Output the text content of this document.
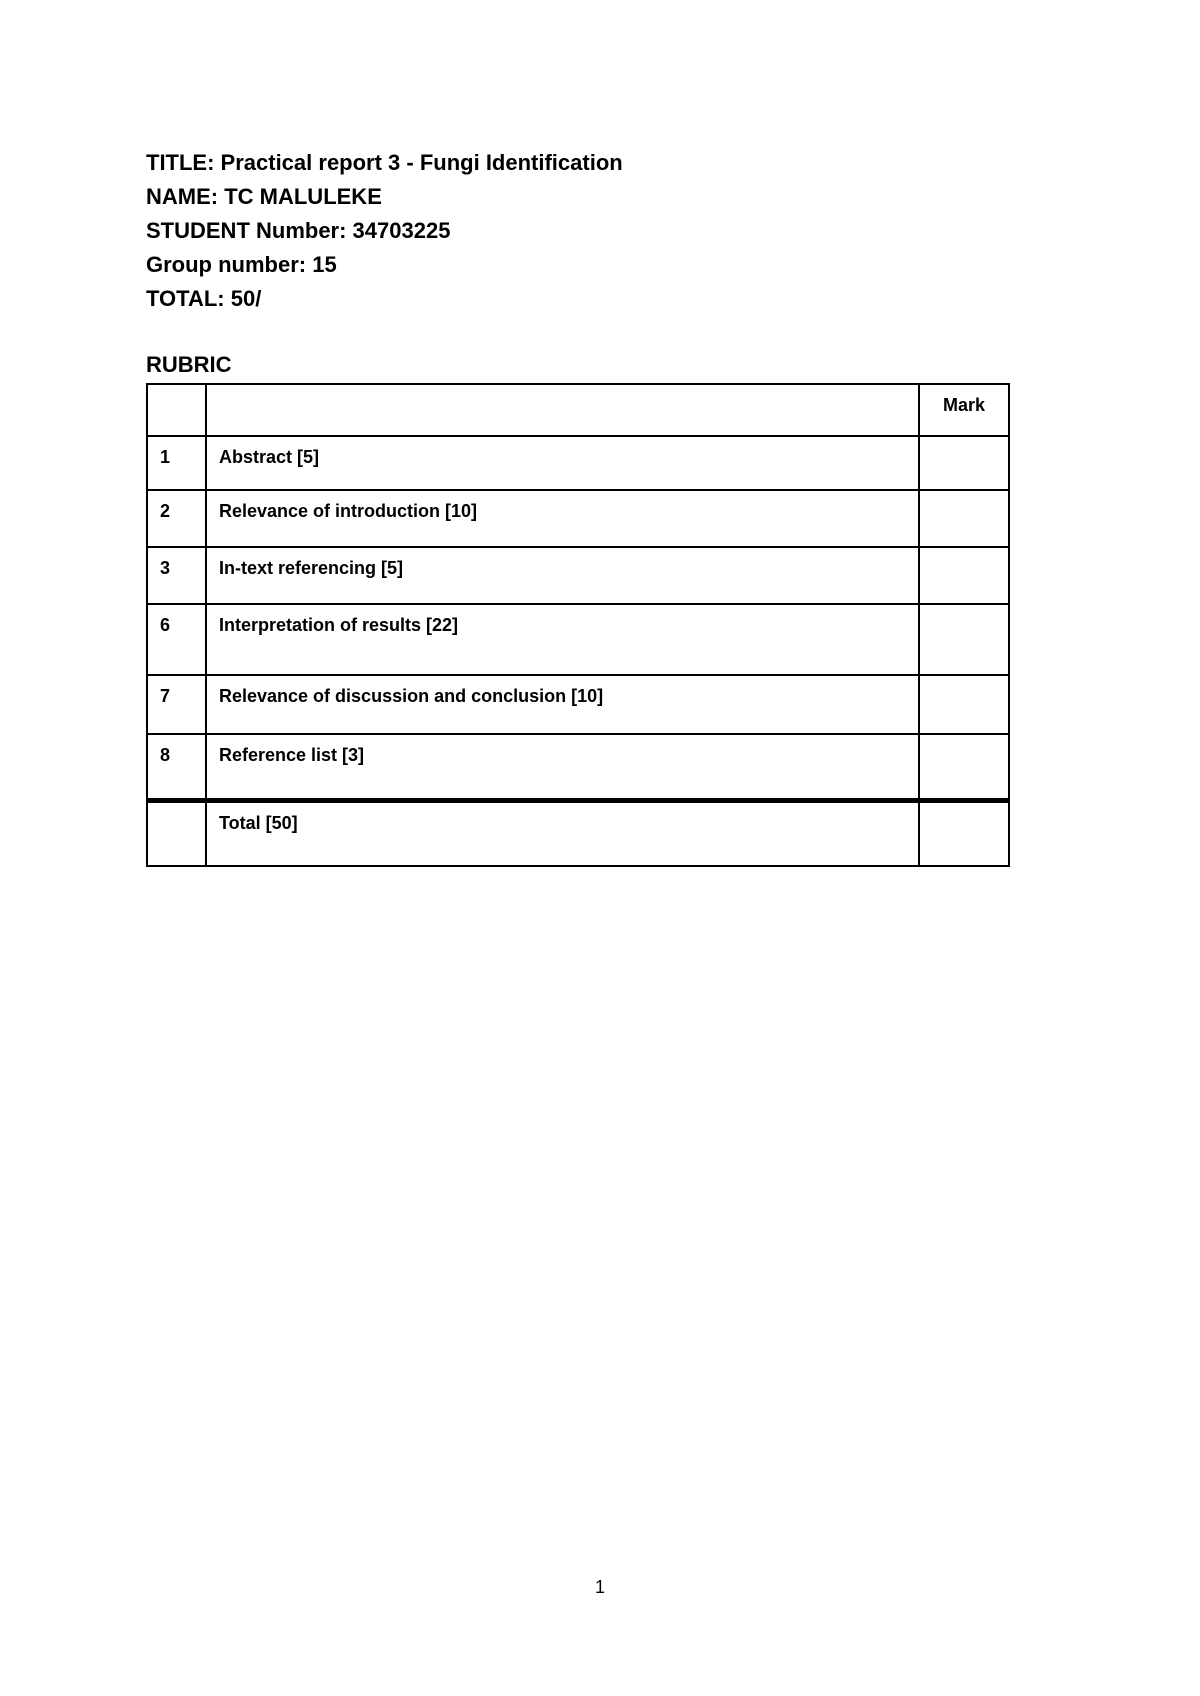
TITLE: Practical report 3 - Fungi Identification
NAME: TC MALULEKE
STUDENT Number: 34703225
Group number: 15
TOTAL: 50/
RUBRIC
		Mark
1	Abstract [5]	
2	Relevance of introduction [10]	
3	In-text referencing [5]	
6	Interpretation of results [22]	
7	Relevance of discussion and conclusion [10]	
8	Reference list [3]	
	Total [50]	
1
